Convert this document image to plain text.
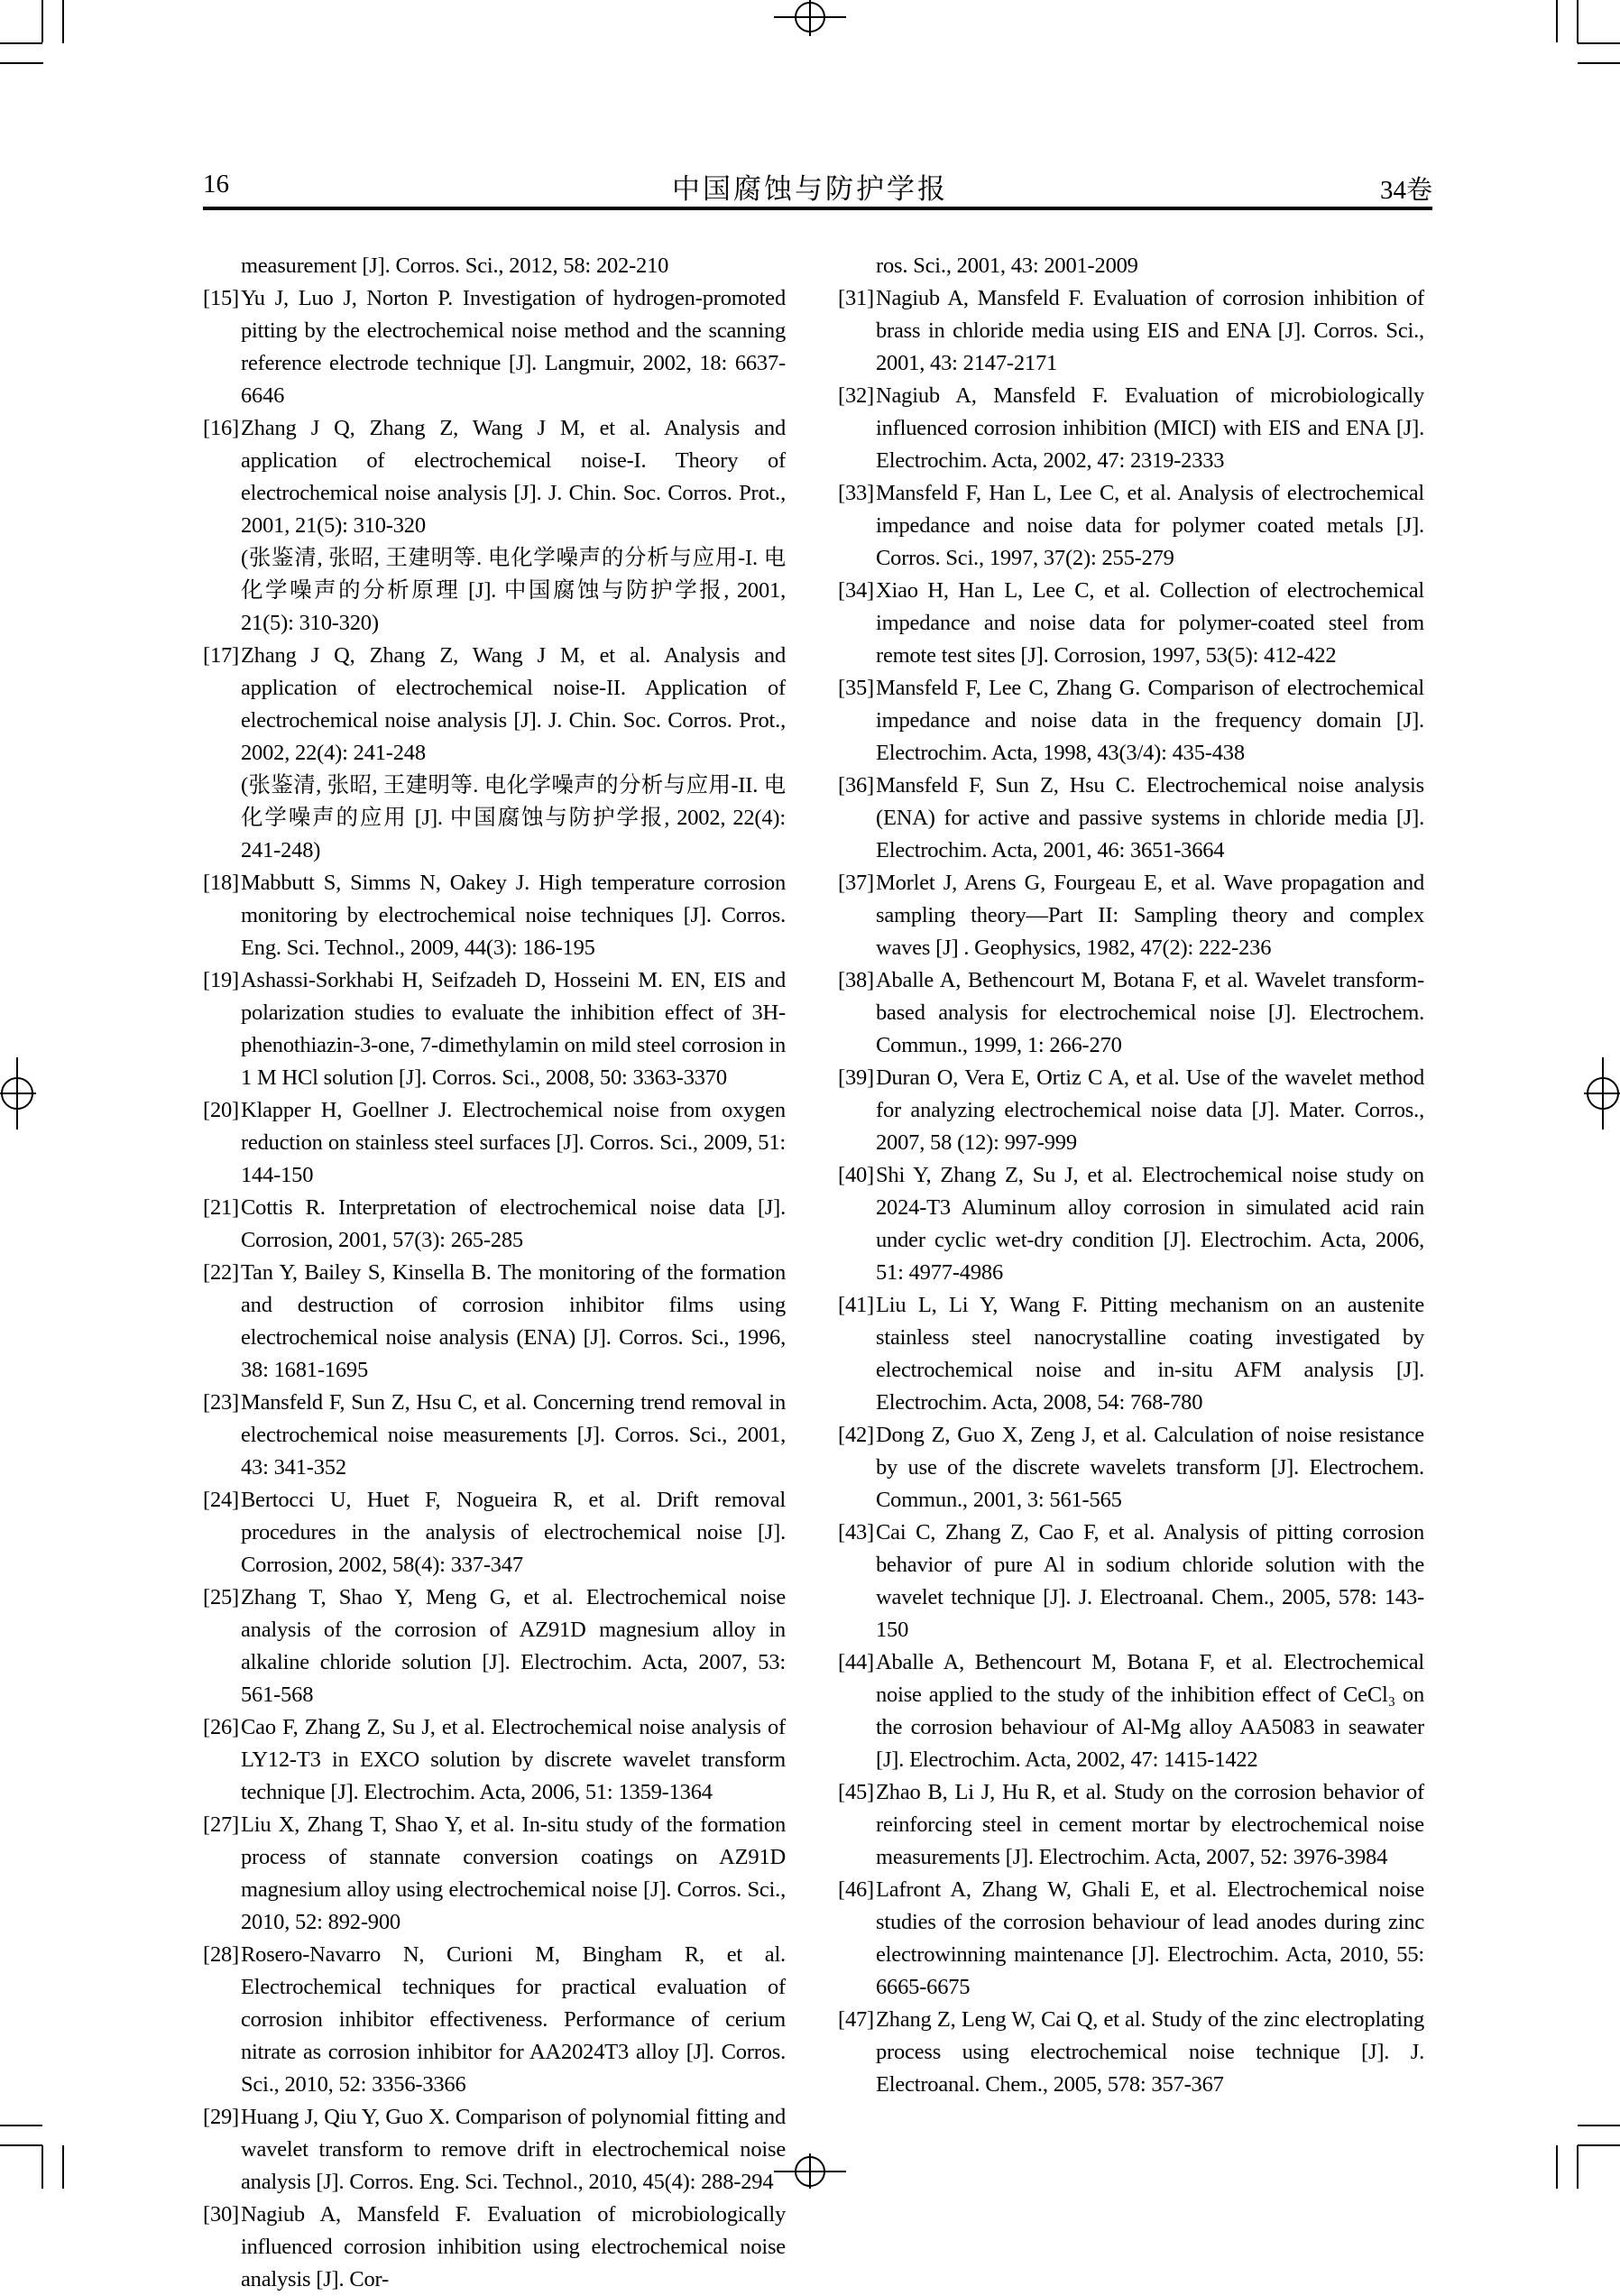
16	中国腐蚀与防护学报	34卷
measurement [J]. Corros. Sci., 2012, 58: 202-210
[15]Yu J, Luo J, Norton P. Investigation of hydrogen-promoted pitting by the electrochemical noise method and the scanning reference electrode technique [J]. Langmuir, 2002, 18: 6637-6646
[16]Zhang J Q, Zhang Z, Wang J M, et al. Analysis and application of electrochemical noise-I. Theory of electrochemical noise analysis [J]. J. Chin. Soc. Corros. Prot., 2001, 21(5): 310-320
(张鉴清, 张昭, 王建明等. 电化学噪声的分析与应用-I. 电化学噪声的分析原理 [J]. 中国腐蚀与防护学报, 2001, 21(5): 310-320)
[17]Zhang J Q, Zhang Z, Wang J M, et al. Analysis and application of electrochemical noise-II. Application of electrochemical noise analysis [J]. J. Chin. Soc. Corros. Prot., 2002, 22(4): 241-248
(张鉴清, 张昭, 王建明等. 电化学噪声的分析与应用-II. 电化学噪声的应用 [J]. 中国腐蚀与防护学报, 2002, 22(4): 241-248)
[18]Mabbutt S, Simms N, Oakey J. High temperature corrosion monitoring by electrochemical noise techniques [J]. Corros. Eng. Sci. Technol., 2009, 44(3): 186-195
[19]Ashassi-Sorkhabi H, Seifzadeh D, Hosseini M. EN, EIS and polarization studies to evaluate the inhibition effect of 3H-phenothiazin-3-one, 7-dimethylamin on mild steel corrosion in 1 M HCl solution [J]. Corros. Sci., 2008, 50: 3363-3370
[20]Klapper H, Goellner J. Electrochemical noise from oxygen reduction on stainless steel surfaces [J]. Corros. Sci., 2009, 51: 144-150
[21]Cottis R. Interpretation of electrochemical noise data [J]. Corrosion, 2001, 57(3): 265-285
[22]Tan Y, Bailey S, Kinsella B. The monitoring of the formation and destruction of corrosion inhibitor films using electrochemical noise analysis (ENA) [J]. Corros. Sci., 1996, 38: 1681-1695
[23]Mansfeld F, Sun Z, Hsu C, et al. Concerning trend removal in electrochemical noise measurements [J]. Corros. Sci., 2001, 43: 341-352
[24]Bertocci U, Huet F, Nogueira R, et al. Drift removal procedures in the analysis of electrochemical noise [J]. Corrosion, 2002, 58(4): 337-347
[25]Zhang T, Shao Y, Meng G, et al. Electrochemical noise analysis of the corrosion of AZ91D magnesium alloy in alkaline chloride solution [J]. Electrochim. Acta, 2007, 53: 561-568
[26]Cao F, Zhang Z, Su J, et al. Electrochemical noise analysis of LY12-T3 in EXCO solution by discrete wavelet transform technique [J]. Electrochim. Acta, 2006, 51: 1359-1364
[27]Liu X, Zhang T, Shao Y, et al. In-situ study of the formation process of stannate conversion coatings on AZ91D magnesium alloy using electrochemical noise [J]. Corros. Sci., 2010, 52: 892-900
[28]Rosero-Navarro N, Curioni M, Bingham R, et al. Electrochemical techniques for practical evaluation of corrosion inhibitor effectiveness. Performance of cerium nitrate as corrosion inhibitor for AA2024T3 alloy [J]. Corros. Sci., 2010, 52: 3356-3366
[29]Huang J, Qiu Y, Guo X. Comparison of polynomial fitting and wavelet transform to remove drift in electrochemical noise analysis [J]. Corros. Eng. Sci. Technol., 2010, 45(4): 288-294
[30]Nagiub A, Mansfeld F. Evaluation of microbiologically influenced corrosion inhibition using electrochemical noise analysis [J]. Cor-
ros. Sci., 2001, 43: 2001-2009
[31]Nagiub A, Mansfeld F. Evaluation of corrosion inhibition of brass in chloride media using EIS and ENA [J]. Corros. Sci., 2001, 43: 2147-2171
[32]Nagiub A, Mansfeld F. Evaluation of microbiologically influenced corrosion inhibition (MICI) with EIS and ENA [J]. Electrochim. Acta, 2002, 47: 2319-2333
[33]Mansfeld F, Han L, Lee C, et al. Analysis of electrochemical impedance and noise data for polymer coated metals [J]. Corros. Sci., 1997, 37(2): 255-279
[34]Xiao H, Han L, Lee C, et al. Collection of electrochemical impedance and noise data for polymer-coated steel from remote test sites [J]. Corrosion, 1997, 53(5): 412-422
[35]Mansfeld F, Lee C, Zhang G. Comparison of electrochemical impedance and noise data in the frequency domain [J]. Electrochim. Acta, 1998, 43(3/4): 435-438
[36]Mansfeld F, Sun Z, Hsu C. Electrochemical noise analysis (ENA) for active and passive systems in chloride media [J]. Electrochim. Acta, 2001, 46: 3651-3664
[37]Morlet J, Arens G, Fourgeau E, et al. Wave propagation and sampling theory—Part II: Sampling theory and complex waves [J] . Geophysics, 1982, 47(2): 222-236
[38]Aballe A, Bethencourt M, Botana F, et al. Wavelet transform-based analysis for electrochemical noise [J]. Electrochem. Commun., 1999, 1: 266-270
[39]Duran O, Vera E, Ortiz C A, et al. Use of the wavelet method for analyzing electrochemical noise data [J]. Mater. Corros., 2007, 58 (12): 997-999
[40]Shi Y, Zhang Z, Su J, et al. Electrochemical noise study on 2024-T3 Aluminum alloy corrosion in simulated acid rain under cyclic wet-dry condition [J]. Electrochim. Acta, 2006, 51: 4977-4986
[41]Liu L, Li Y, Wang F. Pitting mechanism on an austenite stainless steel nanocrystalline coating investigated by electrochemical noise and in-situ AFM analysis [J]. Electrochim. Acta, 2008, 54: 768-780
[42]Dong Z, Guo X, Zeng J, et al. Calculation of noise resistance by use of the discrete wavelets transform [J]. Electrochem. Commun., 2001, 3: 561-565
[43]Cai C, Zhang Z, Cao F, et al. Analysis of pitting corrosion behavior of pure Al in sodium chloride solution with the wavelet technique [J]. J. Electroanal. Chem., 2005, 578: 143-150
[44]Aballe A, Bethencourt M, Botana F, et al. Electrochemical noise applied to the study of the inhibition effect of CeCl₃ on the corrosion behaviour of Al-Mg alloy AA5083 in seawater [J]. Electrochim. Acta, 2002, 47: 1415-1422
[45]Zhao B, Li J, Hu R, et al. Study on the corrosion behavior of reinforcing steel in cement mortar by electrochemical noise measurements [J]. Electrochim. Acta, 2007, 52: 3976-3984
[46]Lafront A, Zhang W, Ghali E, et al. Electrochemical noise studies of the corrosion behaviour of lead anodes during zinc electrowinning maintenance [J]. Electrochim. Acta, 2010, 55: 6665-6675
[47]Zhang Z, Leng W, Cai Q, et al. Study of the zinc electroplating process using electrochemical noise technique [J]. J. Electroanal. Chem., 2005, 578: 357-367
